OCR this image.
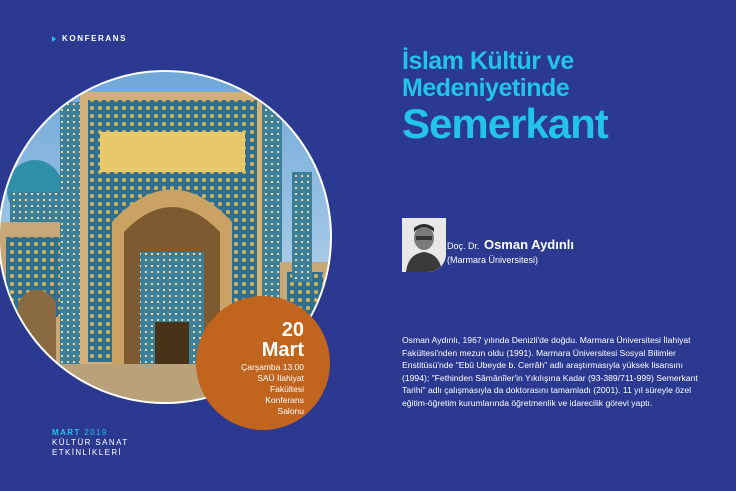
KONFERANS
20
Mart
Çarşamba 13.00
SAÜ İlahiyat
Fakültesi
Konferans
Salonu
MART 2019
KÜLTÜR SANAT
ETKİNLİKLERİ
İslam Kültür ve
Medeniyetinde
Semerkant
Doç. Dr. Osman Aydınlı
(Marmara Üniversitesi)
Osman Aydınlı, 1967 yılında Denizli'de doğdu. Marmara Üniversitesi İlahiyat Fakültesi'nden mezun oldu (1991). Marmara Üniversitesi Sosyal Bilimler Enstitüsü'nde "Ebû Ubeyde b. Cerrâh" adlı araştırmasıyla yüksek lisansını (1994); "Fethinden Sâmânîler'in Yıkılışına Kadar (93-389/711-999) Semerkant Tarihi" adlı çalışmasıyla da doktorasını tamamladı (2001). 11 yıl süreyle özel eğitim-öğretim kurumlarında öğretmenlik ve idarecilik görevi yaptı.
